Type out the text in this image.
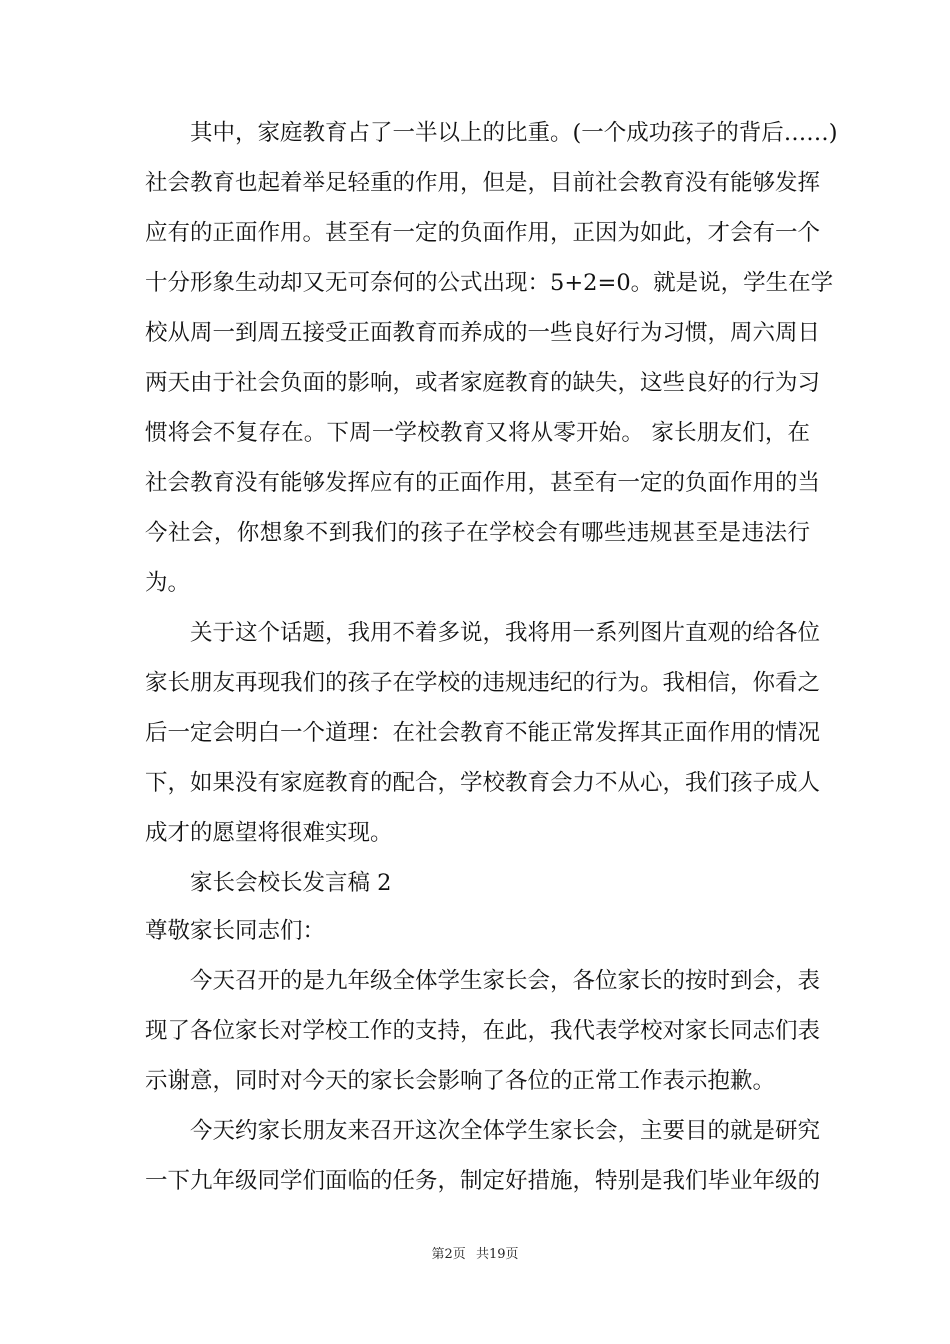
其中，家庭教育占了一半以上的比重。(一个成功孩子的背后……)
社会教育也起着举足轻重的作用，但是，目前社会教育没有能够发挥
应有的正面作用。甚至有一定的负面作用，正因为如此，才会有一个
十分形象生动却又无可奈何的公式出现：5+2=0。就是说，学生在学
校从周一到周五接受正面教育而养成的一些良好行为习惯，周六周日
两天由于社会负面的影响，或者家庭教育的缺失，这些良好的行为习
惯将会不复存在。下周一学校教育又将从零开始。 家长朋友们，在
社会教育没有能够发挥应有的正面作用，甚至有一定的负面作用的当
今社会，你想象不到我们的孩子在学校会有哪些违规甚至是违法行
为。
关于这个话题，我用不着多说，我将用一系列图片直观的给各位
家长朋友再现我们的孩子在学校的违规违纪的行为。我相信，你看之
后一定会明白一个道理：在社会教育不能正常发挥其正面作用的情况
下，如果没有家庭教育的配合，学校教育会力不从心，我们孩子成人
成才的愿望将很难实现。
家长会校长发言稿 2
尊敬家长同志们：
今天召开的是九年级全体学生家长会，各位家长的按时到会，表
现了各位家长对学校工作的支持，在此，我代表学校对家长同志们表
示谢意，同时对今天的家长会影响了各位的正常工作表示抱歉。
今天约家长朋友来召开这次全体学生家长会，主要目的就是研究
一下九年级同学们面临的任务，制定好措施，特别是我们毕业年级的
第2页 共19页
